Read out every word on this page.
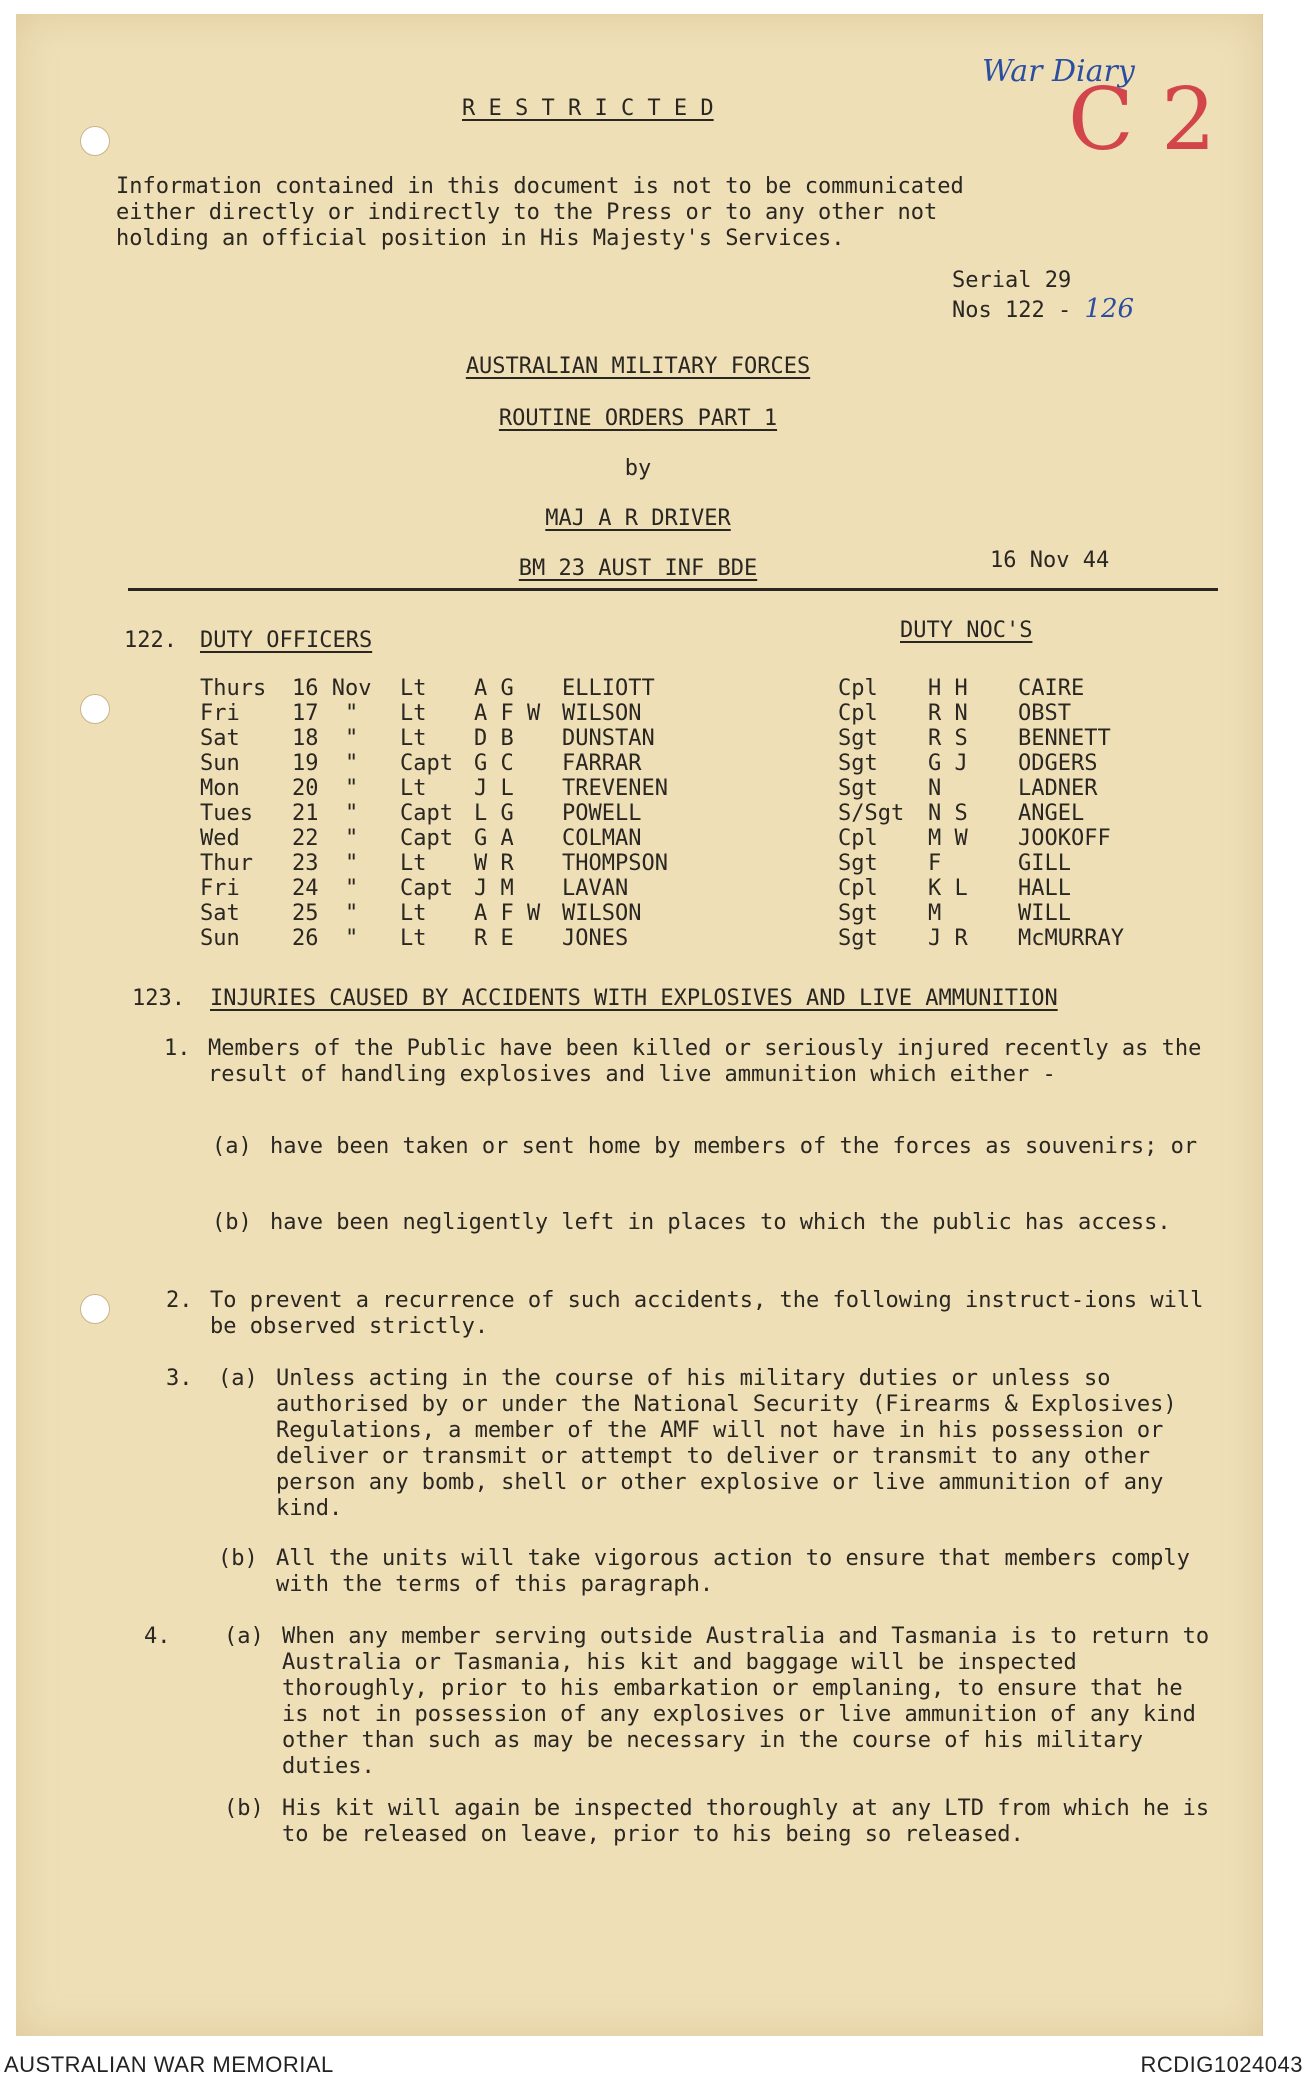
War Diary
C 2
R E S T R I C T E D
Information contained in this document is not to be communicated
either directly or indirectly to the Press or to any other not
holding an official position in His Majesty's Services.
Serial 29
Nos 122 - 126
AUSTRALIAN MILITARY FORCES
ROUTINE ORDERS PART 1
by
MAJ A R DRIVER
BM 23 AUST INF BDE	16 Nov 44
122. DUTY OFFICERS	DUTY NOC'S
Thurs	16 Nov	Lt	A G	ELLIOTT	Cpl	H H	CAIRE
Fri	17  "	Lt	A F W	WILSON	Cpl	R N	OBST
Sat	18  "	Lt	D B	DUNSTAN	Sgt	R S	BENNETT
Sun	19  "	Capt	G C	FARRAR	Sgt	G J	ODGERS
Mon	20  "	Lt	J L	TREVENEN	Sgt	N	LADNER
Tues	21  "	Capt	L G	POWELL	S/Sgt	N S	ANGEL
Wed	22  "	Capt	G A	COLMAN	Cpl	M W	JOOKOFF
Thur	23  "	Lt	W R	THOMPSON	Sgt	F	GILL
Fri	24  "	Capt	J M	LAVAN	Cpl	K L	HALL
Sat	25  "	Lt	A F W	WILSON	Sgt	M	WILL
Sun	26  "	Lt	R E	JONES	Sgt	J R	McMURRAY
123. INJURIES CAUSED BY ACCIDENTS WITH EXPLOSIVES AND LIVE AMMUNITION
1. Members of the Public have been killed or seriously injured recently as the result of handling explosives and live ammunition which either -
(a) have been taken or sent home by members of the forces as souvenirs; or
(b) have been negligently left in places to which the public has access.
2. To prevent a recurrence of such accidents, the following instruct-ions will be observed strictly.
3. (a) Unless acting in the course of his military duties or unless so authorised by or under the National Security (Firearms & Explosives) Regulations, a member of the AMF will not have in his possession or deliver or transmit or attempt to deliver or transmit to any other person any bomb, shell or other explosive or live ammunition of any kind.
(b) All the units will take vigorous action to ensure that members comply with the terms of this paragraph.
4. (a) When any member serving outside Australia and Tasmania is to return to Australia or Tasmania, his kit and baggage will be inspected thoroughly, prior to his embarkation or emplaning, to ensure that he is not in possession of any explosives or live ammunition of any kind other than such as may be necessary in the course of his military duties.
(b) His kit will again be inspected thoroughly at any LTD from which he is to be released on leave, prior to his being so released.
AUSTRALIAN WAR MEMORIAL	RCDIG1024043
